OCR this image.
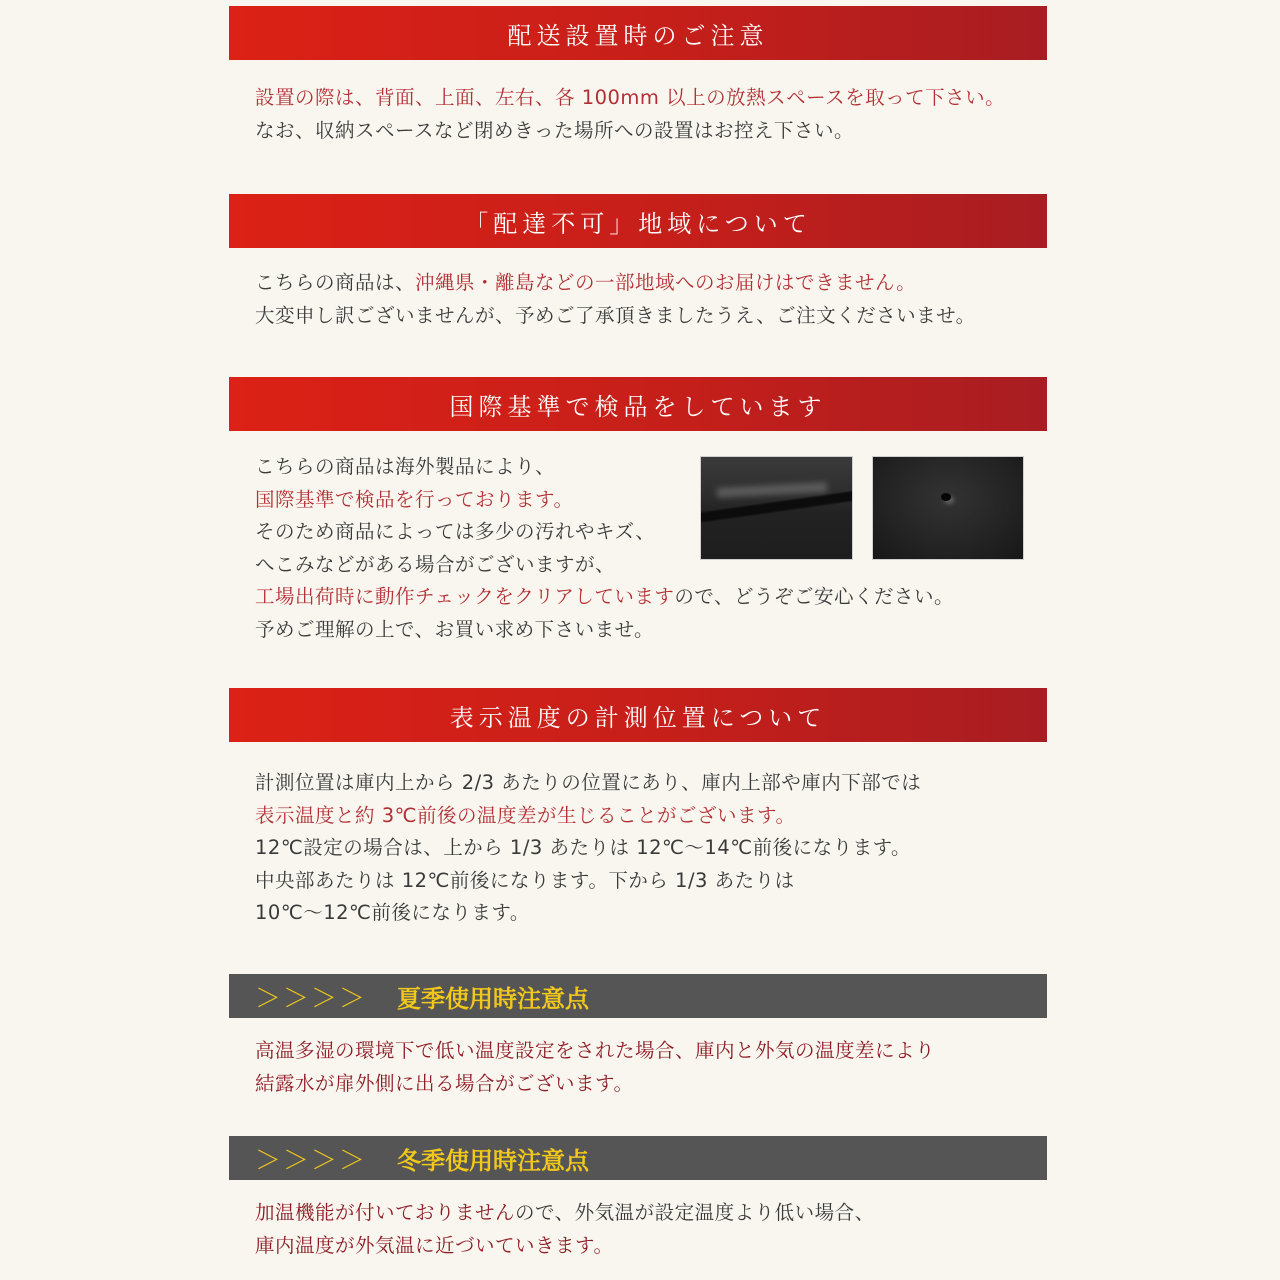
配送設置時のご注意

設置の際は、背面、上面、左右、各 100mm 以上の放熱スペースを取って下さい。
なお、収納スペースなど閉めきった場所への設置はお控え下さい。

「配達不可」地域について

こちらの商品は、沖縄県・離島などの一部地域へのお届けはできません。
大変申し訳ございませんが、予めご了承頂きましたうえ、ご注文くださいませ。

国際基準で検品をしています

こちらの商品は海外製品により、
国際基準で検品を行っております。
そのため商品によっては多少の汚れやキズ、
へこみなどがある場合がございますが、
工場出荷時に動作チェックをクリアしていますので、どうぞご安心ください。
予めご理解の上で、お買い求め下さいませ。

表示温度の計測位置について

計測位置は庫内上から 2/3 あたりの位置にあり、庫内上部や庫内下部では
表示温度と約 3℃前後の温度差が生じることがございます。
12℃設定の場合は、上から 1/3 あたりは 12℃～14℃前後になります。
中央部あたりは 12℃前後になります。下から 1/3 あたりは
10℃～12℃前後になります。

＞＞＞＞ 夏季使用時注意点

高温多湿の環境下で低い温度設定をされた場合、庫内と外気の温度差により
結露水が扉外側に出る場合がございます。

＞＞＞＞ 冬季使用時注意点

加温機能が付いておりませんので、外気温が設定温度より低い場合、
庫内温度が外気温に近づいていきます。
